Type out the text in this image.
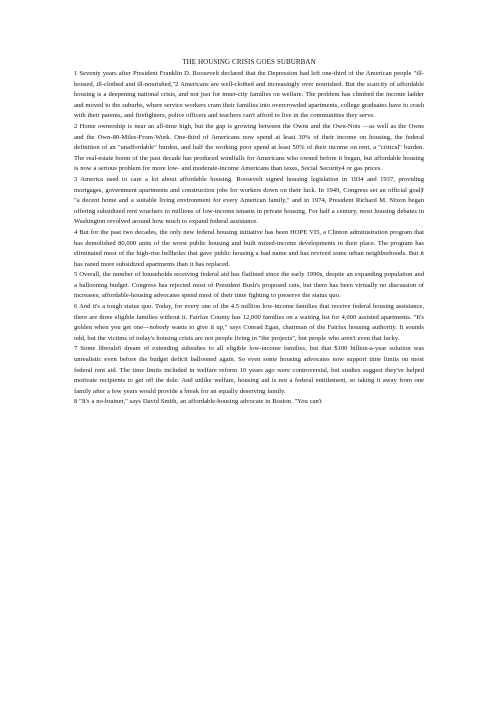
THE HOUSING CRISIS GOES SUBURBAN

1 Seventy years after President Franklin D. Roosevelt declared that the Depression had left one-third of the American people "ill-housed, ill-clothed and ill-nourished,"2 Americans are well-clothed and increasingly over nourished. But the scarcity of affordable housing is a deepening national crisis, and not just for inner-city families on welfare. The problem has climbed the income ladder and moved to the suburbs, where service workers cram their families into overcrowded apartments, college graduates have to crash with their parents, and firefighters, police officers and teachers can't afford to live in the communities they serve.

2 Home ownership is near an all-time high, but the gap is growing between the Owns and the Own-Nots —as well as the Owns and the Own-80-Miles-From-Work. One-third of Americans now spend at least 30% of their income on housing, the federal definition of an "unaffordable" burden, and half the working poor spend at least 50% of their income on rent, a "critical" burden. The real-estate boom of the past decade has produced windfalls for Americans who owned before it began, but affordable housing is now a serious problem for more low- and moderate-income Americans than taxes, Social Security4 or gas prices.

3 America used to care a lot about affordable housing. Roosevelt signed housing legislation in 1934 and 1937, providing mortgages, government apartments and construction jobs for workers down on their luck. In 1949, Congress set an official goal|f "a decent home and a suitable living environment for every American family," and in 1974, President Richard M. Nixon began offering subsidized rent vouchers to millions of low-income tenants in private housing. For half a century, most housing debates in Washington revolved around how much to expand federal assistance.

4 But for the past two decades, the only new federal housing initiative has been HOPE VI5, a Clinton administration program that has demolished 80,000 units of the worst public housing and built mixed-income developments in their place. The program has eliminated most of the high-rise hellholes that gave public housing a bad name and has revived some urban neighborhoods. But it has razed more subsidized apartments than it has replaced.

5 Overall, the number of households receiving federal aid has flatlined since the early 1990s, despite an expanding population and a ballooning budget. Congress has rejected most of President Bush's proposed cuts, but there has been virtually no discussion of increases; affordable-housing advocates spend most of their time fighting to preserve the status quo.

6 And it's a tough status quo. Today, for every one of the 4.5 million low-income families that receive federal housing assistance, there are three eligible families without it. Fairfax County has 12,000 families on a waiting list for 4,000 assisted apartments. "It's golden when you get one—nobody wants to give it up," says Conrad Egan, chairman of the Fairfax housing authority. It sounds odd, but the victims of today's housing crisis are not people living in "the projects", but people who aren't even that lucky.

7 Some liberals6 dream of extending subsidies to all eligible low-income families, but that $100 billion-a-year solution was unrealistic even before the budget deficit ballooned again. So even some housing advocates now support time limits on most federal rent aid. The time limits included in welfare reform 10 years ago were controversial, but studies suggest they've helped motivate recipients to get off the dole. And unlike welfare, housing aid is not a federal entitlement, so taking it away from one family after a few years would provide a break for an equally deserving family.

8 "It's a no-brainer," says David Smith, an affordable-housing advocate in Boston. "You can't
